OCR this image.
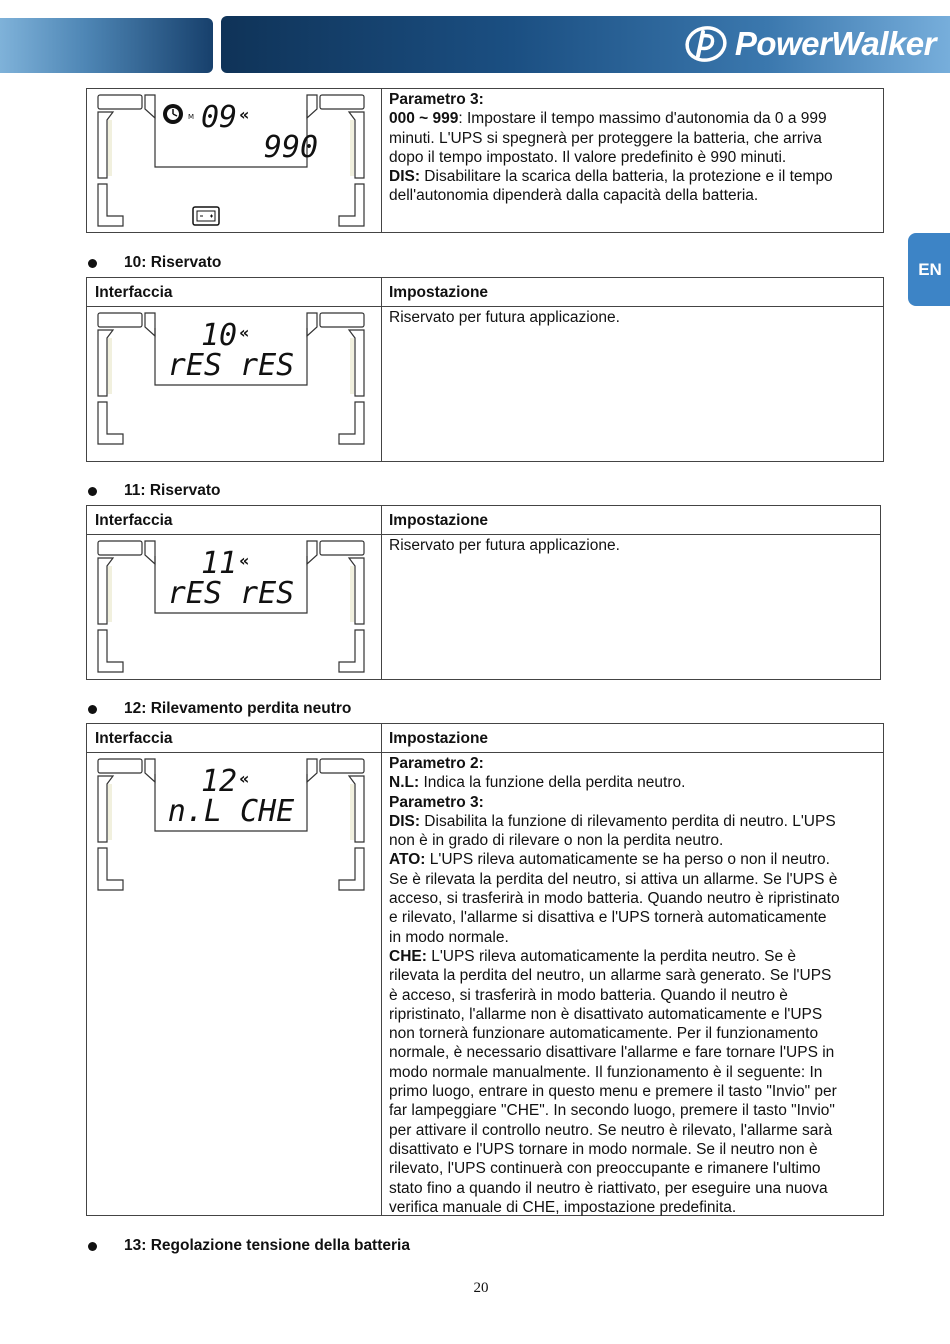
PowerWalker
EN
09 «
990
M
Parametro 3:
000 ~ 999: Impostare il tempo massimo d'autonomia da 0 a 999
minuti. L'UPS si spegnerà per proteggere la batteria, che arriva
dopo il tempo impostato. Il valore predefinito è 990 minuti.
DIS: Disabilitare la scarica della batteria, la protezione e il tempo
dell'autonomia dipenderà dalla capacità della batteria.
10: Riservato
Interfaccia	Impostazione
10 «
rES rES
Riservato per futura applicazione.
11: Riservato
Interfaccia	Impostazione
11 «
rES rES
Riservato per futura applicazione.
12: Rilevamento perdita neutro
Interfaccia	Impostazione
12 «
n.L CHE
Parametro 2:
N.L: Indica la funzione della perdita neutro.
Parametro 3:
DIS: Disabilita la funzione di rilevamento perdita di neutro. L'UPS
non è in grado di rilevare o non la perdita neutro.
ATO: L'UPS rileva automaticamente se ha perso o non il neutro.
Se è rilevata la perdita del neutro, si attiva un allarme. Se l'UPS è
acceso, si trasferirà in modo batteria. Quando neutro è ripristinato
e rilevato, l'allarme si disattiva e l'UPS tornerà automaticamente
in modo normale.
CHE: L'UPS rileva automaticamente la perdita neutro. Se è
rilevata la perdita del neutro, un allarme sarà generato. Se l'UPS
è acceso, si trasferirà in modo batteria. Quando il neutro è
ripristinato, l'allarme non è disattivato automaticamente e l'UPS
non tornerà funzionare automaticamente. Per il funzionamento
normale, è necessario disattivare l'allarme e fare tornare l'UPS in
modo normale manualmente. Il funzionamento è il seguente: In
primo luogo, entrare in questo menu e premere il tasto "Invio" per
far lampeggiare "CHE". In secondo luogo, premere il tasto "Invio"
per attivare il controllo neutro. Se neutro è rilevato, l'allarme sarà
disattivato e l'UPS tornare in modo normale. Se il neutro non è
rilevato, l'UPS continuerà con preoccupante e rimanere l'ultimo
stato fino a quando il neutro è riattivato, per eseguire una nuova
verifica manuale di CHE, impostazione predefinita.
13: Regolazione tensione della batteria
20
